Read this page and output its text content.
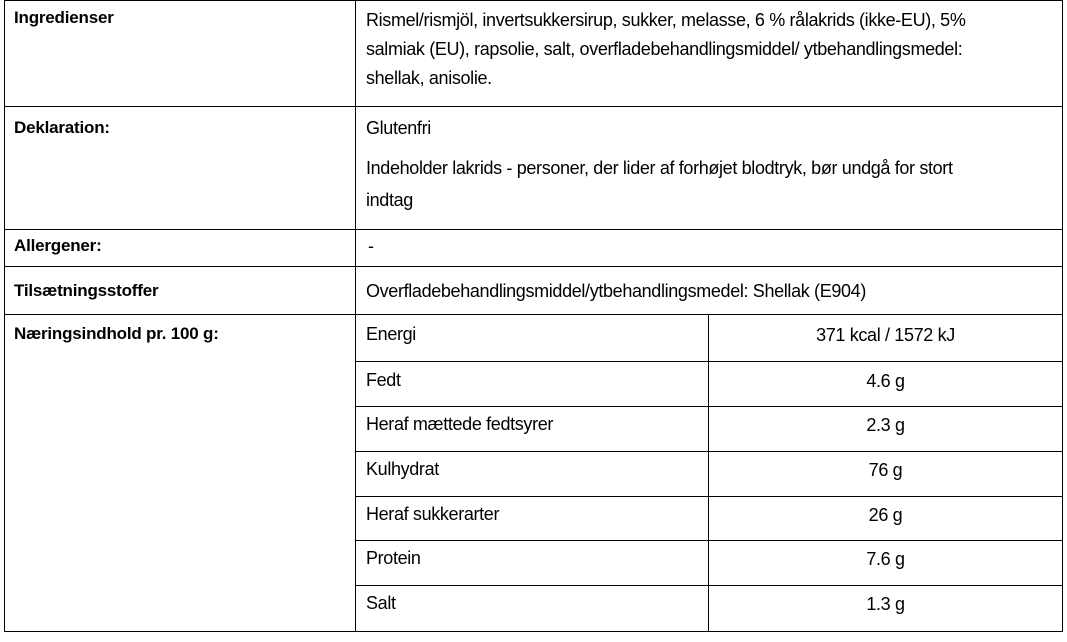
Ingredienser	Rismel/rismjöl, invertsukkersirup, sukker, melasse, 6 % rålakrids (ikke-EU), 5%
salmiak (EU), rapsolie, salt, overfladebehandlingsmiddel/ ytbehandlingsmedel:
shellak, anisolie.
Deklaration:	Glutenfri
Indeholder lakrids - personer, der lider af forhøjet blodtryk, bør undgå for stort
indtag
Allergener:	-
Tilsætningsstoffer	Overfladebehandlingsmiddel/ytbehandlingsmedel: Shellak (E904)
Næringsindhold pr. 100 g:	Energi	371 kcal / 1572 kJ
Fedt	4.6 g
Heraf mættede fedtsyrer	2.3 g
Kulhydrat	76 g
Heraf sukkerarter	26 g
Protein	7.6 g
Salt	1.3 g
